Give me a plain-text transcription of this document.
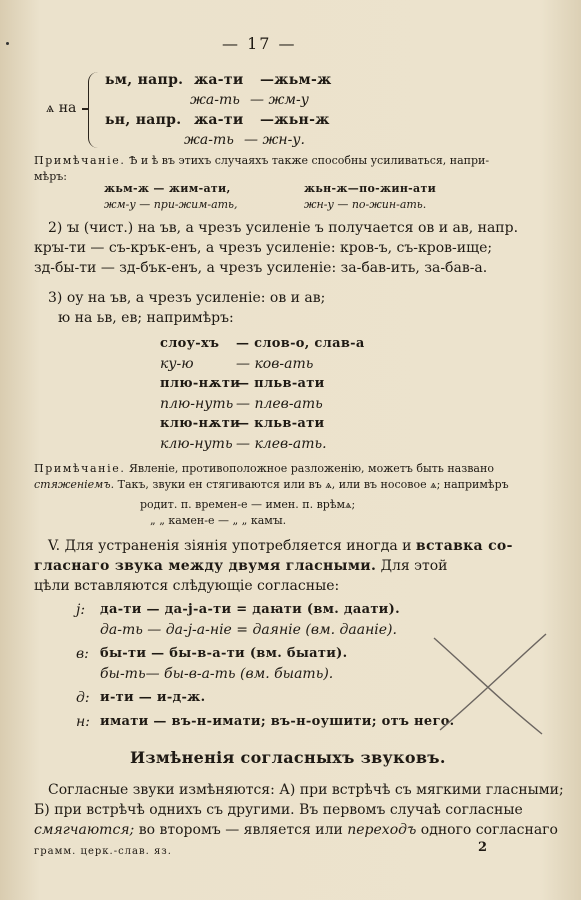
— 17 —
ѧ на
ьм, напр. жа-ти —жьм-ж
жа-ть — жм-у
ьн, напр. жа-ти —жьн-ж
жа-ть — жн-у.
Примѣчаніе. Ѣ и ѣ въ этихъ случаяхъ также способны усиливаться, напри-
мѣръ:
жьм-ж — жим-ати,
жм-у — при-жим-ать,
жьн-ж—по-жин-ати
жн-у — по-жин-ать.
2) ꙑ (чист.) на ъв, а чрезъ усиленіе ъ получается ов и ав, напр.
крꙑ-ти — съ-крък-енъ, а чрезъ усиленіе: кров-ъ, съ-кров-ище;
зд-бы-ти — зд-бък-енъ, а чрезъ усиленіе: за-бав-ить, за-бав-а.
3) оу на ъв, а чрезъ усиленіе: ов и ав;
ю на ьв, ев; напримѣръ:
слоу-хъ — слов-о, слав-а
ку-ю	— ков-ать
плю-нѫти
— пльв-ати
плю-нуть — плев-ать
клю-нѫти
— кльв-ати
клю-нуть — клев-ать.
Примѣчаніе. Явленіе, противоположное разложенію, можетъ быть названо
стяженіемъ. Такъ, звуки ен стягиваются или въ ѧ, или въ носовое ѧ; напримѣръ
родит. п. времен-е — имен. п. врѣмѧ;
„ „ камен-е — „ „ камꙑ.
V. Для устраненія зіянія употребляется иногда и вставка со-
гласнаго звука между двумя гласными. Для этой
цѣли вставляются слѣдующіе согласные:
j: да-ти — да-j-а-ти = даꙗти (вм. даати).
да-ть — да-j-а-ніе = даяніе (вм. дааніе).
в: бы-ти — бы-в-а-ти (вм. быати).
бы-ть— бы-в-а-ть (вм. быать).
д: и-ти — и-д-ж.
н: имати — въ-н-имати; въ-н-оушити; отъ него.
Измѣненія согласныхъ звуковъ.
Согласные звуки измѣняются: А) при встрѣчѣ съ мягкими гласными;
Б) при встрѣчѣ однихъ съ другими. Въ первомъ случаѣ согласные
смягчаются; во второмъ — является или переходъ одного согласнаго
грамм. церк.-слав. яз.	2
